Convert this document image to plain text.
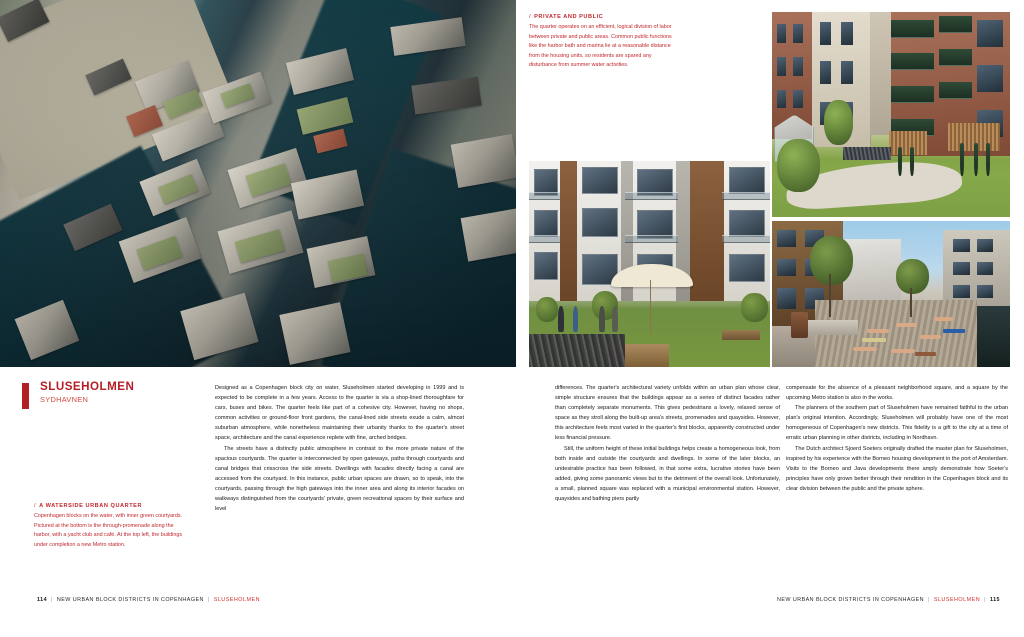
/ PRIVATE AND PUBLIC

The quarter operates on an efficient, logical division of labor between private and public areas. Common public functions like the harbor bath and marina lie at a reasonable distance from the housing units, so residents are spared any disturbance from summer water activities.

SLUSEHOLMEN
SYDHAVNEN

/ A WATERSIDE URBAN QUARTER

Copenhagen blocks on the water, with inner green courtyards. Pictured at the bottom is the through-promenade along the harbor, with a yacht club and café. At the top left, the buildings under completion a new Metro station.

Designed as a Copenhagen block city on water, Sluseholmen started developing in 1999 and is expected to be complete in a few years. Access to the quarter is via a shop-lined thoroughfare for cars, buses and bikes. The quarter feels like part of a cohesive city. However, having no shops, common activities or ground-floor front gardens, the canal-lined side streets exude a calm, almost suburban atmosphere, while nonetheless maintaining their urbanity thanks to the quarter's street space, architecture and the canal experience replete with fine, arched bridges.

The streets have a distinctly public atmosphere in contrast to the more private nature of the spacious courtyards. The quarter is interconnected by open gateways, paths through courtyards and canal bridges that crisscross the side streets. Dwellings with facades directly facing a canal are accessed from the courtyard. In this instance, public urban spaces are drawn, so to speak, into the courtyards, passing through the high gateways into the inner area and along its interior facades on walkways distinguished from the courtyards' private, green recreational spaces by their surface and level

differences. The quarter's architectural variety unfolds within an urban plan whose clear, simple structure ensures that the buildings appear as a series of distinct facades rather than completely separate monuments. This gives pedestrians a lovely, relaxed sense of space as they stroll along the built-up area's streets, promenades and quaysides. However, this architecture feels most varied in the quarter's first blocks, apparently constructed under less financial pressure.

Still, the uniform height of these initial buildings helps create a homogeneous look, from both inside and outside the courtyards and dwellings. In some of the later blocks, an undesirable practice has been followed, in that some extra, lucrative stories have been added, giving some panoramic views but to the detriment of the overall look. Unfortunately, a small, planned square was replaced with a municipal environmental station. However, quaysides and bathing piers partly

compensate for the absence of a pleasant neighborhood square, and a square by the upcoming Metro station is also in the works.

The planners of the southern part of Sluseholmen have remained faithful to the urban plan's original intention. Accordingly, Sluseholmen will probably have one of the most homogeneous of Copenhagen's new districts. This fidelity is a gift to the city at a time of erratic urban planning in other districts, including in Nordhavn.

The Dutch architect Sjoerd Soeters originally drafted the master plan for Sluseholmen, inspired by his experience with the Borneo housing development in the port of Amsterdam. Visits to the Borneo and Java developments there amply demonstrate how Soeter's principles have only grown better through their rendition in the Copenhagen block and its clear division between the public and the private sphere.

114 | NEW URBAN BLOCK DISTRICTS IN COPENHAGEN | SLUSEHOLMEN	NEW URBAN BLOCK DISTRICTS IN COPENHAGEN | SLUSEHOLMEN | 115
